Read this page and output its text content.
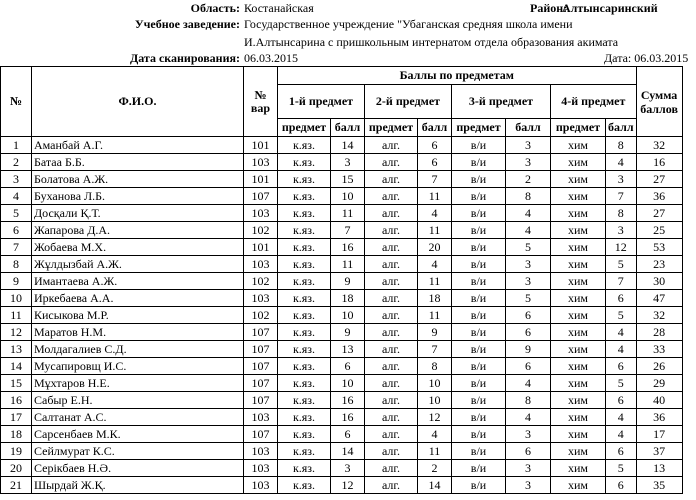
Область: Костанайская	Район:
Алтынсаринский
Учебное заведение: Государственное учреждение "Убаганская средняя школа имени
И.Алтынсарина с пришкольным интернатом отдела образования акимата
Дата сканирования: 06.03.2015	Дата: 06.03.2015
№	Ф.И.О.	№ вар	Баллы по предметам								Сумма баллов
			1-й предмет		2-й предмет		3-й предмет		4-й предмет		
			предмет	балл	предмет	балл	предмет	балл	предмет	балл	
1	Аманбай А.Г.	101	к.яз.	14	алг.	6	в/и	3	хим	8	32
2	Батаа Б.Б.	103	к.яз.	3	алг.	6	в/и	3	хим	4	16
3	Болатова А.Ж.	101	к.яз.	15	алг.	7	в/и	2	хим	3	27
4	Буханова Л.Б.	107	к.яз.	10	алг.	11	в/и	8	хим	7	36
5	Досқали Қ.Т.	103	к.яз.	11	алг.	4	в/и	4	хим	8	27
6	Жапарова Д.А.	102	к.яз.	7	алг.	11	в/и	4	хим	3	25
7	Жобаева М.Х.	101	к.яз.	16	алг.	20	в/и	5	хим	12	53
8	Жұлдызбай А.Ж.	103	к.яз.	11	алг.	4	в/и	3	хим	5	23
9	Имантаева А.Ж.	102	к.яз.	9	алг.	11	в/и	3	хим	7	30
10	Иркебаева А.А.	103	к.яз.	18	алг.	18	в/и	5	хим	6	47
11	Кисыкова М.Р.	102	к.яз.	10	алг.	11	в/и	6	хим	5	32
12	Маратов Н.М.	107	к.яз.	9	алг.	9	в/и	6	хим	4	28
13	Молдагалиев С.Д.	107	к.яз.	13	алг.	7	в/и	9	хим	4	33
14	Мусапировщ И.С.	107	к.яз.	6	алг.	8	в/и	6	хим	6	26
15	Мұхтаров Н.Е.	107	к.яз.	10	алг.	10	в/и	4	хим	5	29
16	Сабыр Е.Н.	107	к.яз.	16	алг.	10	в/и	8	хим	6	40
17	Салтанат А.С.	103	к.яз.	16	алг.	12	в/и	4	хим	4	36
18	Сарсенбаев М.К.	107	к.яз.	6	алг.	4	в/и	3	хим	4	17
19	Сейлмурат К.С.	103	к.яз.	14	алг.	11	в/и	6	хим	6	37
20	Серікбаев Н.Ә.	103	к.яз.	3	алг.	2	в/и	3	хим	5	13
21	Шырдай Ж.Қ.	103	к.яз.	12	алг.	14	в/и	3	хим	6	35
